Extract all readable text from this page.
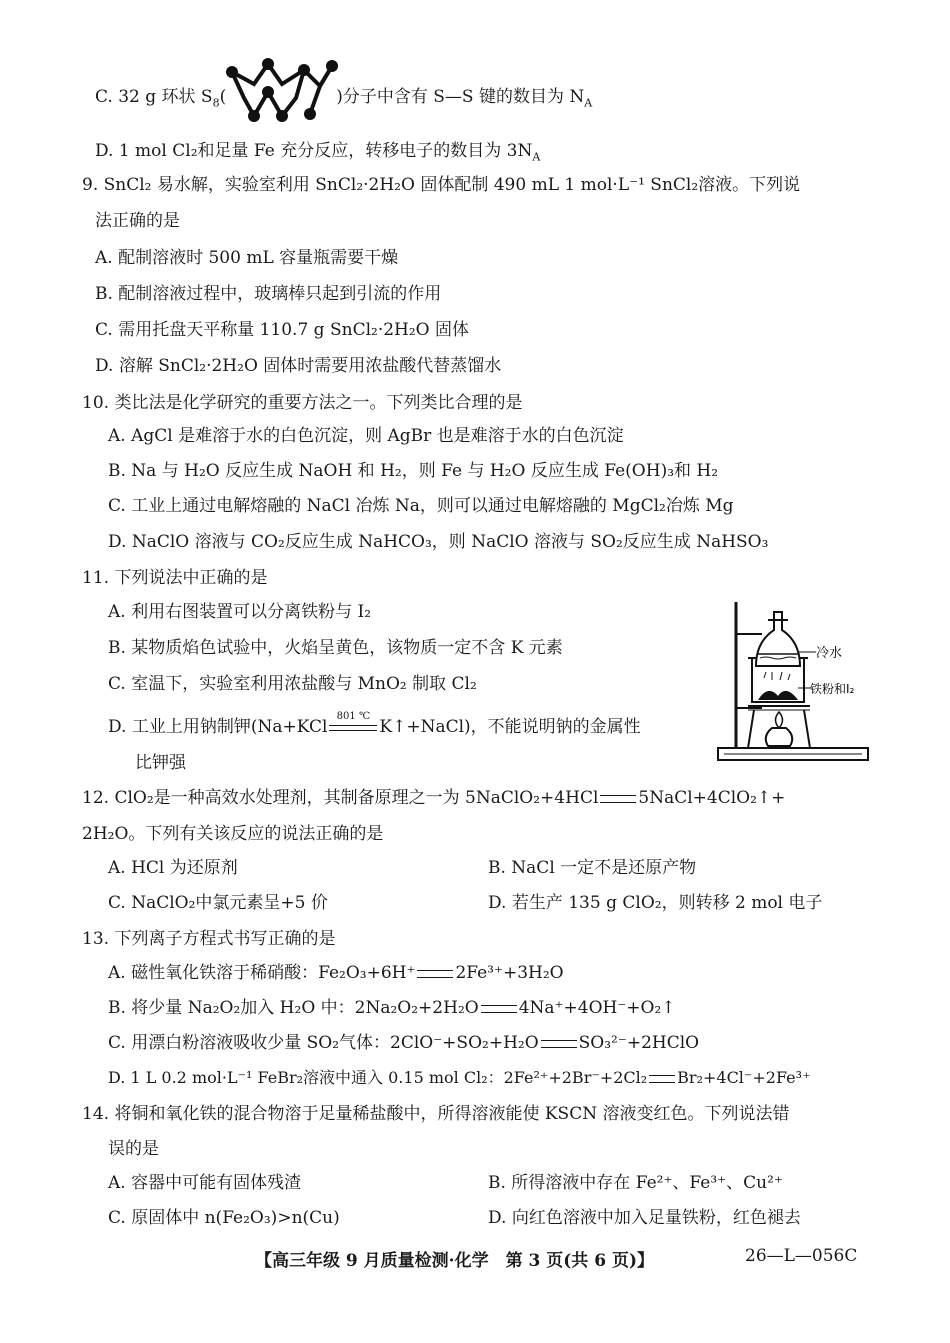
C. 32 g 环状 $S_8$(	)分子中含有 S—S 键的数目为 $N_A$
D. 1 mol Cl₂和足量 Fe 充分反应，转移电子的数目为 $3N_A$
9. SnCl₂ 易水解，实验室利用 SnCl₂·2H₂O 固体配制 490 mL 1 mol·L⁻¹ SnCl₂溶液。下列说
法正确的是
A. 配制溶液时 500 mL 容量瓶需要干燥
B. 配制溶液过程中，玻璃棒只起到引流的作用
C. 需用托盘天平称量 110.7 g SnCl₂·2H₂O 固体
D. 溶解 SnCl₂·2H₂O 固体时需要用浓盐酸代替蒸馏水
10. 类比法是化学研究的重要方法之一。下列类比合理的是
A. AgCl 是难溶于水的白色沉淀，则 AgBr 也是难溶于水的白色沉淀
B. Na 与 H₂O 反应生成 NaOH 和 H₂，则 Fe 与 H₂O 反应生成 Fe(OH)₃和 H₂
C. 工业上通过电解熔融的 NaCl 冶炼 Na，则可以通过电解熔融的 MgCl₂冶炼 Mg
D. NaClO 溶液与 CO₂反应生成 NaHCO₃，则 NaClO 溶液与 SO₂反应生成 NaHSO₃
11. 下列说法中正确的是
A. 利用右图装置可以分离铁粉与 I₂
B. 某物质焰色试验中，火焰呈黄色，该物质一定不含 K 元素
C. 室温下，实验室利用浓盐酸与 MnO₂ 制取 Cl₂
D. 工业上用钠制钾(Na+KCl
801 ℃
K↑+NaCl)，不能说明钠的金属性
比钾强
冷水
铁粉和I₂
12. ClO₂是一种高效水处理剂，其制备原理之一为 5NaClO₂+4HCl 5NaCl+4ClO₂↑+
2H₂O。下列有关该反应的说法正确的是
A. HCl 为还原剂	B. NaCl 一定不是还原产物
C. NaClO₂中氯元素呈+5 价	D. 若生产 135 g ClO₂，则转移 2 mol 电子
13. 下列离子方程式书写正确的是
A. 磁性氧化铁溶于稀硝酸：Fe₂O₃+6H⁺ 2Fe³⁺+3H₂O
B. 将少量 Na₂O₂加入 H₂O 中：2Na₂O₂+2H₂O 4Na⁺+4OH⁻+O₂↑
C. 用漂白粉溶液吸收少量 SO₂气体：2ClO⁻+SO₂+H₂O SO₃²⁻+2HClO
D. 1 L 0.2 mol·L⁻¹ FeBr₂溶液中通入 0.15 mol Cl₂：2Fe²⁺+2Br⁻+2Cl₂ Br₂+4Cl⁻+2Fe³⁺
14. 将铜和氧化铁的混合物溶于足量稀盐酸中，所得溶液能使 KSCN 溶液变红色。下列说法错
误的是
A. 容器中可能有固体残渣	B. 所得溶液中存在 Fe²⁺、Fe³⁺、Cu²⁺
C. 原固体中 n(Fe₂O₃)>n(Cu)	D. 向红色溶液中加入足量铁粉，红色褪去
【高三年级 9 月质量检测·化学　第 3 页(共 6 页)】	26—L—056C
